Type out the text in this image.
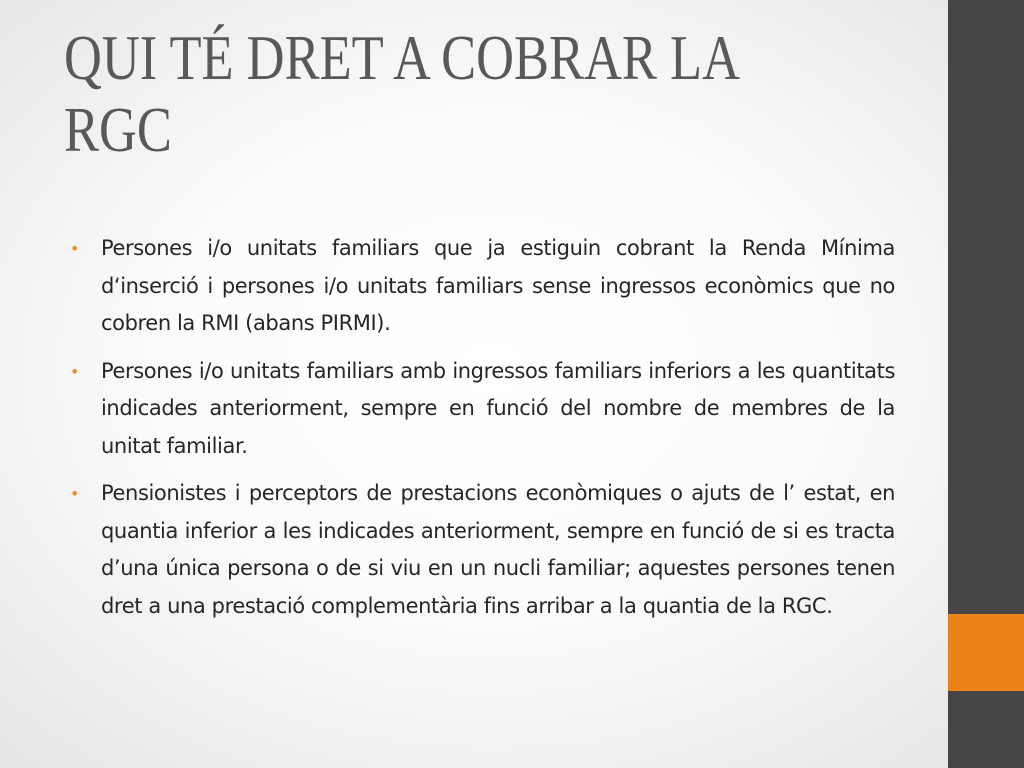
QUI TÉ DRET A COBRAR LA RGC
• Persones i/o unitats familiars que ja estiguin cobrant la Renda Mínima d‘inserció i persones i/o unitats familiars sense ingressos econòmics que no cobren la RMI (abans PIRMI).
• Persones i/o unitats familiars amb ingressos familiars inferiors a les quantitats indicades anteriorment, sempre en funció del nombre de membres de la unitat familiar.
• Pensionistes i perceptors de prestacions econòmiques o ajuts de l’ estat, en quantia inferior a les indicades anteriorment, sempre en funció de si es tracta d’una única persona o de si viu en un nucli familiar; aquestes persones tenen dret a una prestació complementària fins arribar a la quantia de la RGC.
